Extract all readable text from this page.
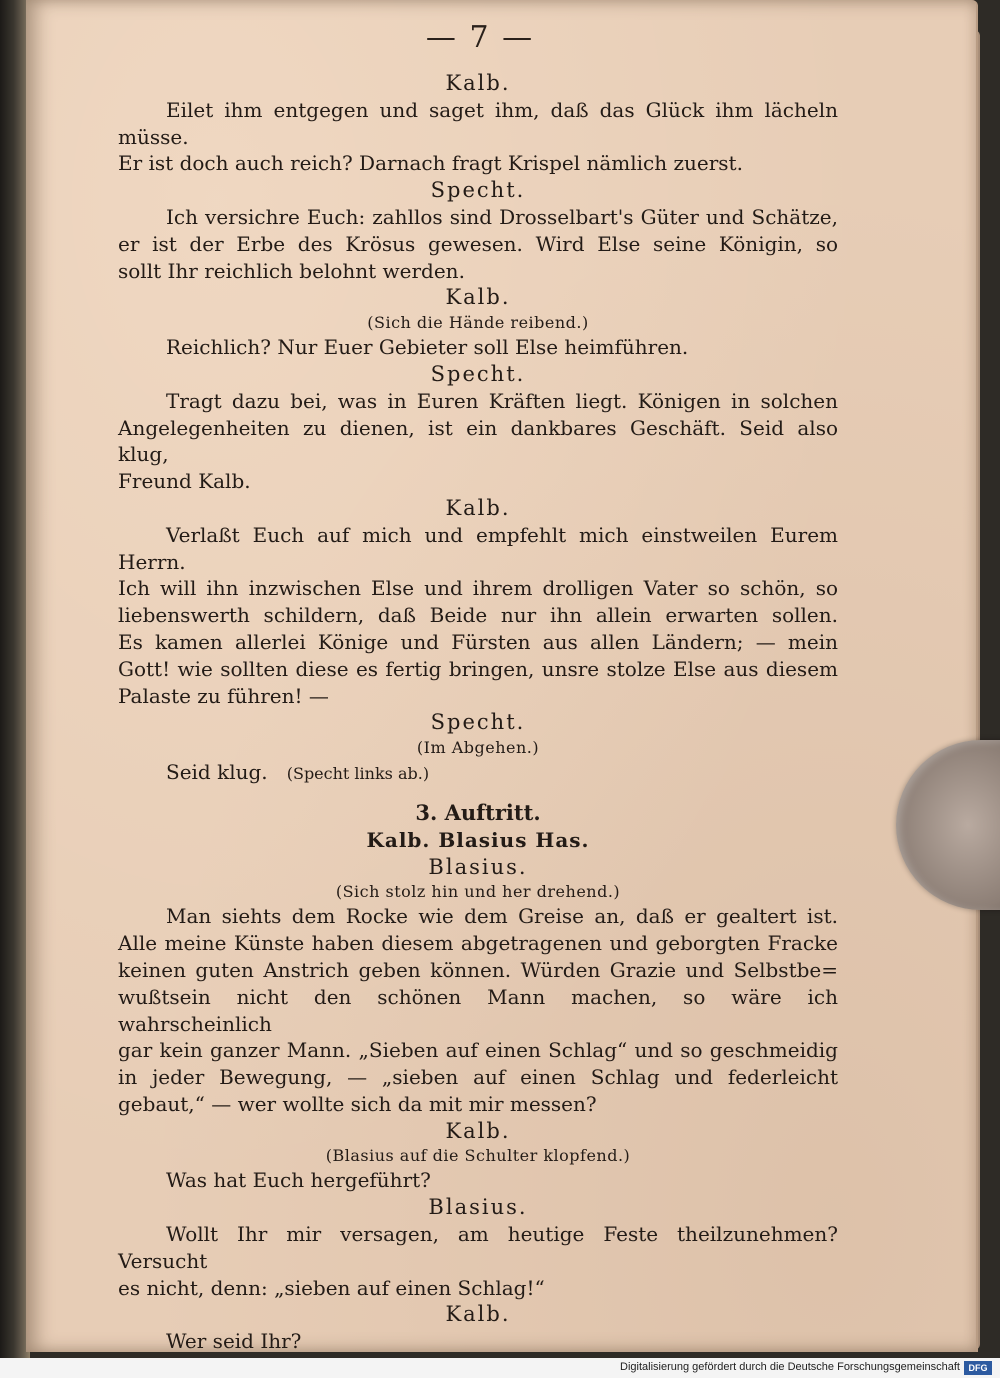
— 7 —
Kalb.
Eilet ihm entgegen und saget ihm, daß das Glück ihm lächeln müsse.
Er ist doch auch reich? Darnach fragt Krispel nämlich zuerst.
Specht.
Ich versichre Euch: zahllos sind Drosselbart's Güter und Schätze,
er ist der Erbe des Krösus gewesen. Wird Else seine Königin, so
sollt Ihr reichlich belohnt werden.
Kalb.
(Sich die Hände reibend.)
Reichlich? Nur Euer Gebieter soll Else heimführen.
Specht.
Tragt dazu bei, was in Euren Kräften liegt. Königen in solchen
Angelegenheiten zu dienen, ist ein dankbares Geschäft. Seid also klug,
Freund Kalb.
Kalb.
Verlaßt Euch auf mich und empfehlt mich einstweilen Eurem Herrn.
Ich will ihn inzwischen Else und ihrem drolligen Vater so schön, so
liebenswerth schildern, daß Beide nur ihn allein erwarten sollen.
Es kamen allerlei Könige und Fürsten aus allen Ländern; — mein
Gott! wie sollten diese es fertig bringen, unsre stolze Else aus diesem
Palaste zu führen! —
Specht.
(Im Abgehen.)
Seid klug. (Specht links ab.)
3. Auftritt.
Kalb. Blasius Has.
Blasius.
(Sich stolz hin und her drehend.)
Man siehts dem Rocke wie dem Greise an, daß er gealtert ist.
Alle meine Künste haben diesem abgetragenen und geborgten Fracke
keinen guten Anstrich geben können. Würden Grazie und Selbstbe=
wußtsein nicht den schönen Mann machen, so wäre ich wahrscheinlich
gar kein ganzer Mann. „Sieben auf einen Schlag“ und so geschmeidig
in jeder Bewegung, — „sieben auf einen Schlag und federleicht
gebaut,“ — wer wollte sich da mit mir messen?
Kalb.
(Blasius auf die Schulter klopfend.)
Was hat Euch hergeführt?
Blasius.
Wollt Ihr mir versagen, am heutige Feste theilzunehmen? Versucht
es nicht, denn: „sieben auf einen Schlag!“
Kalb.
Wer seid Ihr?
Digitalisierung gefördert durch die Deutsche Forschungsgemeinschaft DFG
